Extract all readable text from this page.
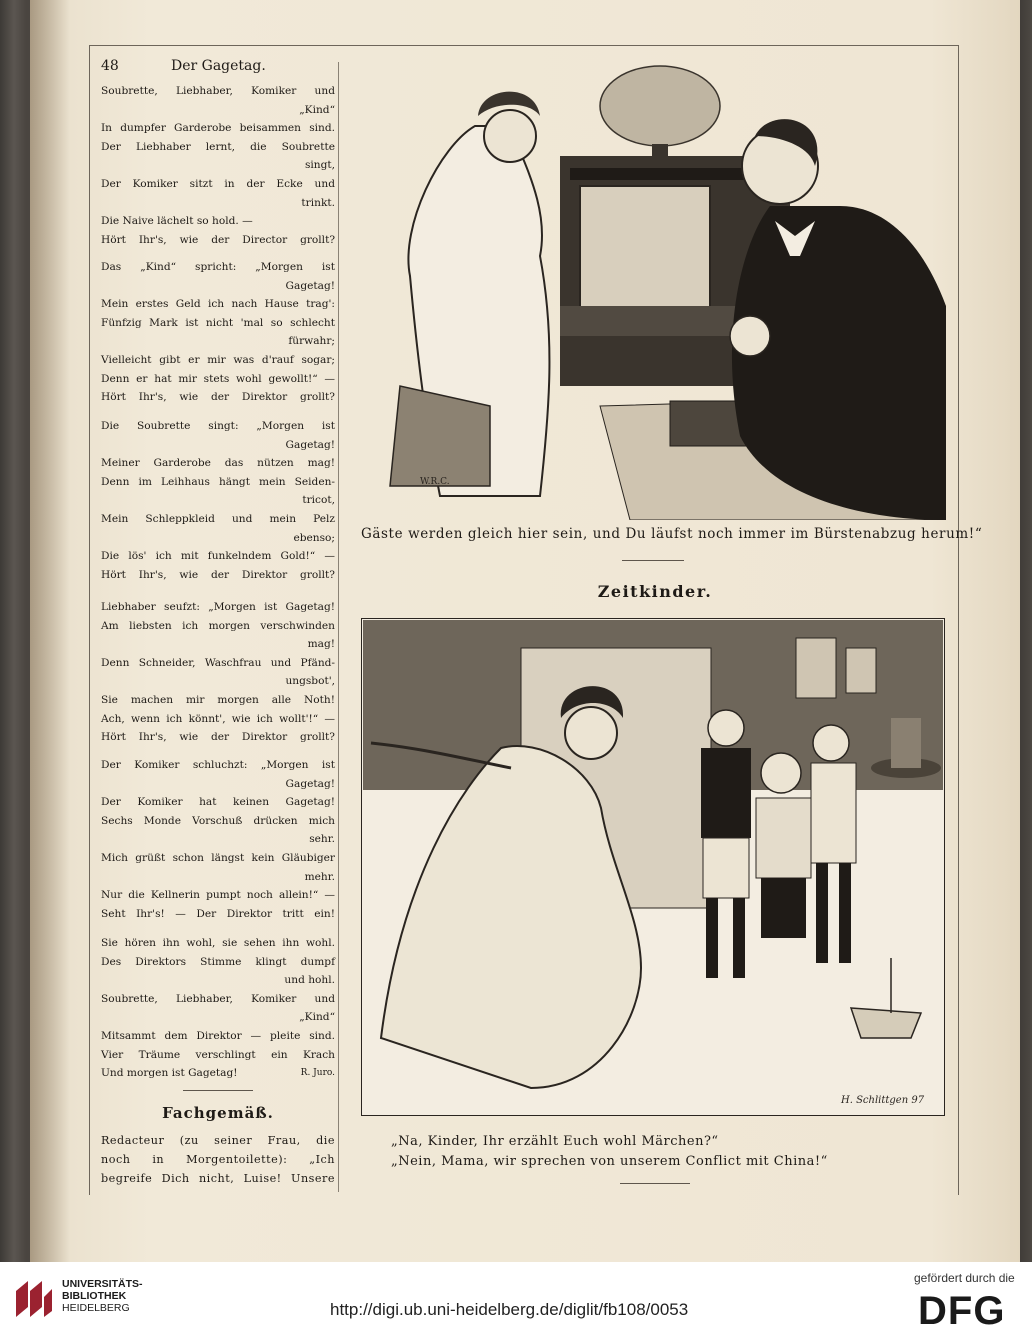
48	Der Gagetag.
Soubrette, Liebhaber, Komiker und
„Kind“
In dumpfer Garderobe beisammen sind.
Der Liebhaber lernt, die Soubrette
singt,
Der Komiker sitzt in der Ecke und
trinkt.
Die Naive lächelt so hold. —
Hört Ihr's, wie der Director grollt?
Das „Kind“ spricht: „Morgen ist
Gagetag!
Mein erstes Geld ich nach Hause trag':
Fünfzig Mark ist nicht 'mal so schlecht
fürwahr;
Vielleicht gibt er mir was d'rauf sogar;
Denn er hat mir stets wohl gewollt!“ —
Hört Ihr's, wie der Direktor grollt?
Die Soubrette singt: „Morgen ist
Gagetag!
Meiner Garderobe das nützen mag!
Denn im Leihhaus hängt mein Seiden-
tricot,
Mein Schleppkleid und mein Pelz
ebenso;
Die lös' ich mit funkelndem Gold!“ —
Hört Ihr's, wie der Direktor grollt?
Liebhaber seufzt: „Morgen ist Gagetag!
Am liebsten ich morgen verschwinden
mag!
Denn Schneider, Waschfrau und Pfänd-
ungsbot',
Sie machen mir morgen alle Noth!
Ach, wenn ich könnt', wie ich wollt'!“ —
Hört Ihr's, wie der Direktor grollt?
Der Komiker schluchzt: „Morgen ist
Gagetag!
Der Komiker hat keinen Gagetag!
Sechs Monde Vorschuß drücken mich
sehr.
Mich grüßt schon längst kein Gläubiger
mehr.
Nur die Kellnerin pumpt noch allein!“ —
Seht Ihr's! — Der Direktor tritt ein!
Sie hören ihn wohl, sie sehen ihn wohl.
Des Direktors Stimme klingt dumpf
und hohl.
Soubrette, Liebhaber, Komiker und
„Kind“
Mitsammt dem Direktor — pleite sind.
Vier Träume verschlingt ein Krach
Und morgen ist Gagetag!	R. Juro.
Fachgemäß.
Redacteur (zu seiner Frau, die
noch in Morgentoilette): „Ich
begreife Dich nicht, Luise! Unsere
W.R.C.
Gäste werden gleich hier sein, und Du läufst noch immer im Bürstenabzug herum!“
Zeitkinder.
H. Schlittgen 97
„Na, Kinder, Ihr erzählt Euch wohl Märchen?“
„Nein, Mama, wir sprechen von unserem Conflict mit China!“
UNIVERSITÄTS-
BIBLIOTHEK
HEIDELBERG	http://digi.ub.uni-heidelberg.de/diglit/fb108/0053
gefördert durch die
DFG
